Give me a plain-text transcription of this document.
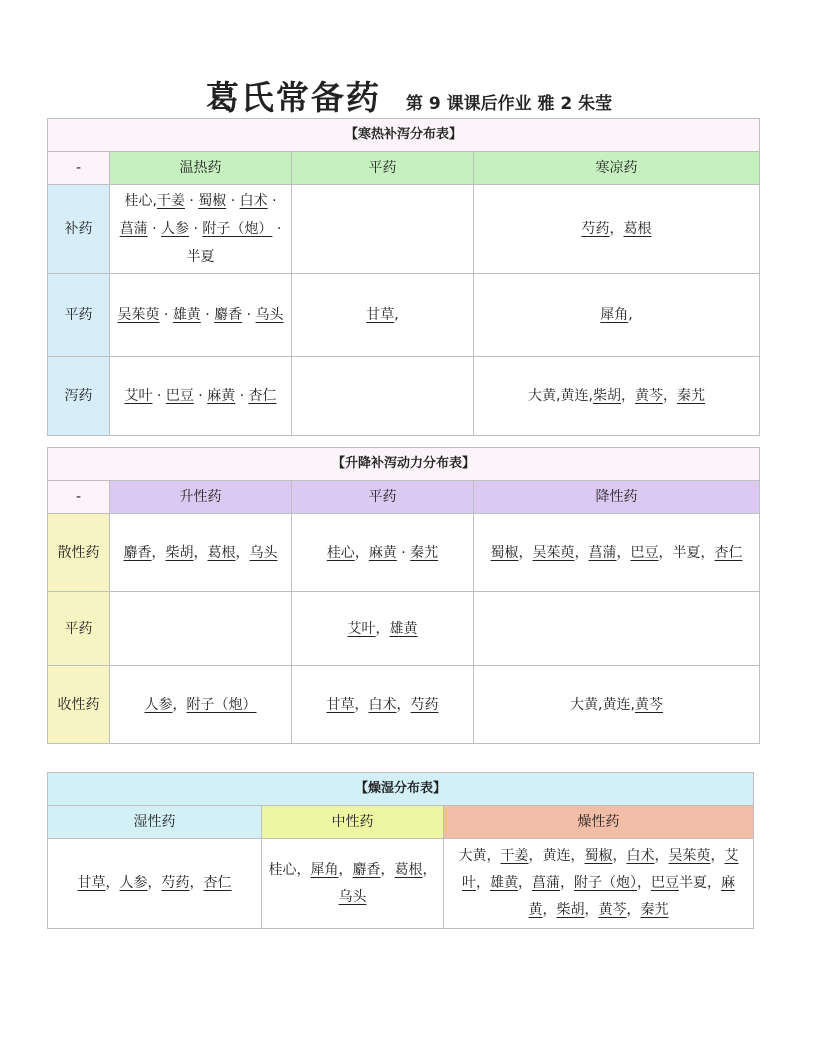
葛氏常备药 第 9 课课后作业 雅 2 朱莹
【寒热补泻分布表】			
-	温热药	平药	寒凉药
补药	桂心,干姜 · 蜀椒 · 白术 · 菖蒲 · 人参 · 附子（炮） · 半夏		芍药，葛根
平药	吴茱萸 · 雄黄 · 麝香 · 乌头	甘草,	犀角,
泻药	艾叶 · 巴豆 · 麻黄 · 杏仁		大黄,黄连,柴胡，黄芩，秦艽
【升降补泻动力分布表】			
-	升性药	平药	降性药
散性药	麝香，柴胡，葛根，乌头	桂心，麻黄 · 秦艽	蜀椒，吴茱萸，菖蒲，巴豆，半夏，杏仁
平药		艾叶，雄黄	
收性药	人参，附子（炮）	甘草，白术，芍药	大黄,黄连,黄芩
【燥湿分布表】		
湿性药	中性药	燥性药
甘草，人参，芍药，杏仁	桂心，犀角，麝香，葛根，乌头	大黄，干姜，黄连，蜀椒，白术，吴茱萸，艾叶，雄黄，菖蒲，附子（炮），巴豆半夏，麻黄，柴胡，黄芩，秦艽
